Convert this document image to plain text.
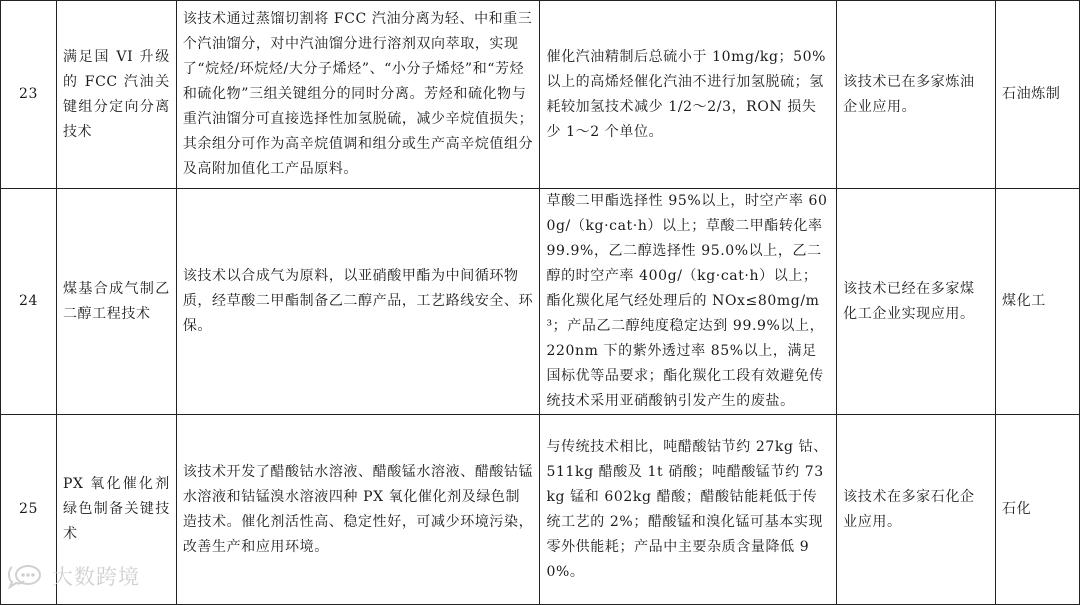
23	满足国 VI 升级的 FCC 汽油关键组分定向分离技术	该技术通过蒸馏切割将 FCC 汽油分离为轻、中和重三个汽油馏分，对中汽油馏分进行溶剂双向萃取，实现了“烷烃/环烷烃/大分子烯烃”、“小分子烯烃”和“芳烃和硫化物”三组关键组分的同时分离。芳烃和硫化物与重汽油馏分可直接选择性加氢脱硫，减少辛烷值损失；其余组分可作为高辛烷值调和组分或生产高辛烷值组分及高附加值化工产品原料。	催化汽油精制后总硫小于 10mg/kg；50%以上的高烯烃催化汽油不进行加氢脱硫；氢耗较加氢技术减少 1/2～2/3，RON 损失少 1～2 个单位。	该技术已在多家炼油企业应用。	石油炼制
24	煤基合成气制乙二醇工程技术	该技术以合成气为原料，以亚硝酸甲酯为中间循环物质，经草酸二甲酯制备乙二醇产品，工艺路线安全、环保。	草酸二甲酯选择性 95%以上，时空产率 600g/（kg·cat·h）以上；草酸二甲酯转化率 99.9%，乙二醇选择性 95.0%以上，乙二醇的时空产率 400g/（kg·cat·h）以上；酯化羰化尾气经处理后的 NOx≤80mg/m³；产品乙二醇纯度稳定达到 99.9%以上，220nm 下的紫外透过率 85%以上，满足国标优等品要求；酯化羰化工段有效避免传统技术采用亚硝酸钠引发产生的废盐。	该技术已经在多家煤化工企业实现应用。	煤化工
25	PX 氧化催化剂绿色制备关键技术	该技术开发了醋酸钴水溶液、醋酸锰水溶液、醋酸钴锰水溶液和钴锰溴水溶液四种 PX 氧化催化剂及绿色制造技术。催化剂活性高、稳定性好，可减少环境污染，改善生产和应用环境。	与传统技术相比，吨醋酸钴节约 27kg 钴、511kg 醋酸及 1t 硝酸；吨醋酸锰节约 73kg 锰和 602kg 醋酸；醋酸钴能耗低于传统工艺的 2%；醋酸锰和溴化锰可基本实现零外供能耗；产品中主要杂质含量降低 90%。	该技术在多家石化企业应用。	石化
大数跨境
